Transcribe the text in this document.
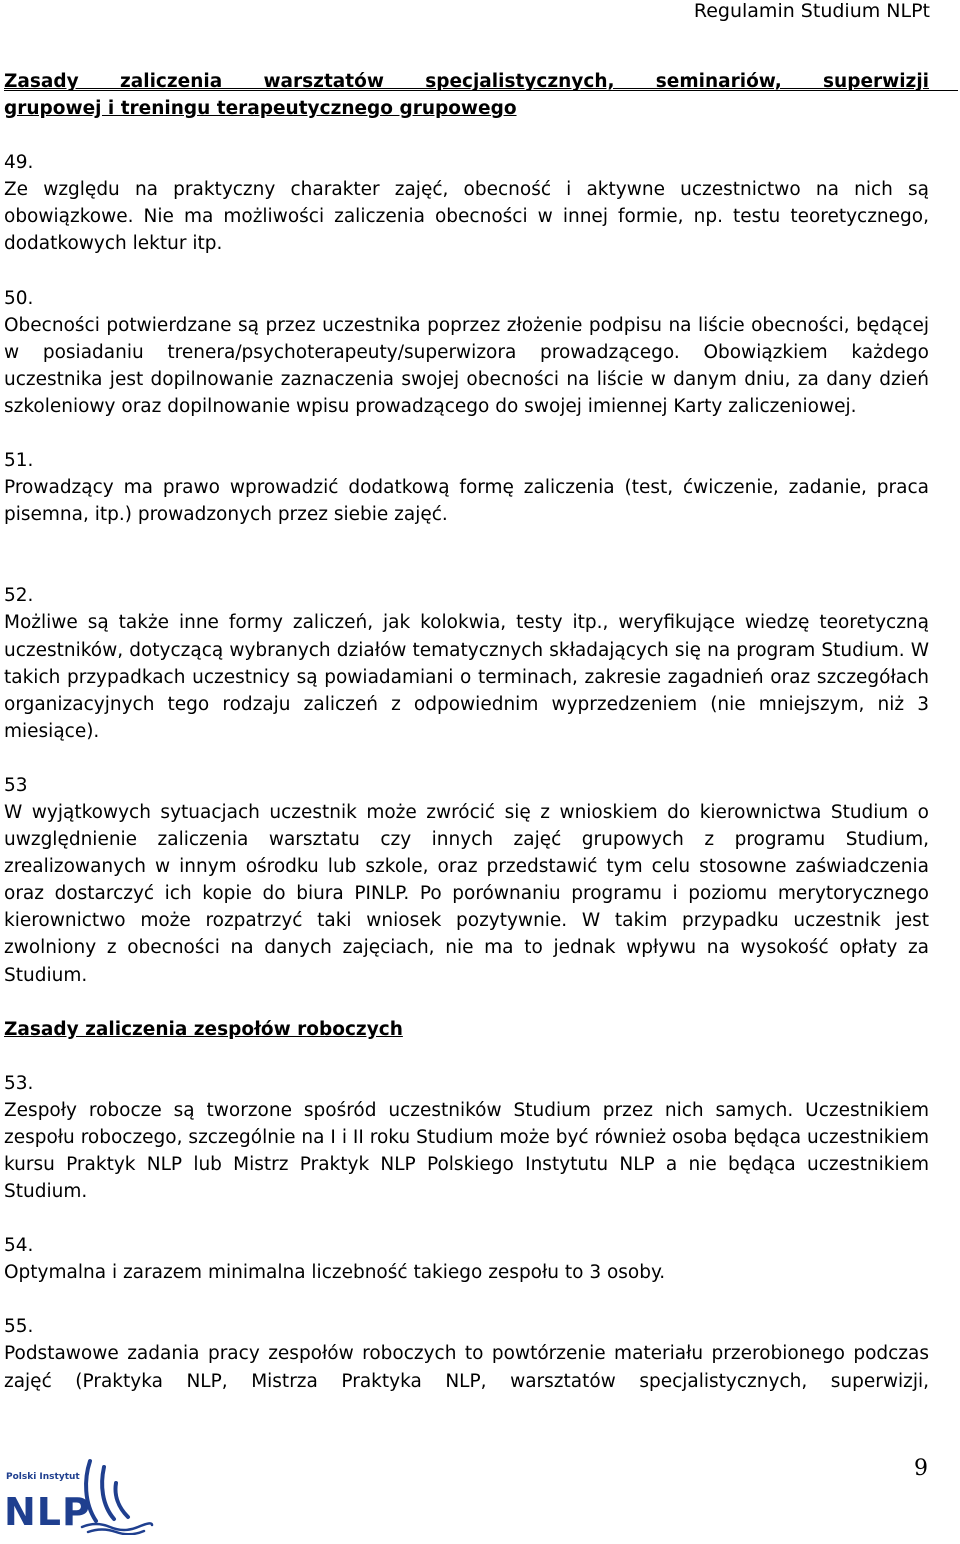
Regulamin Studium NLPt
Zasady zaliczenia warsztatów specjalistycznych, seminariów, superwizji
grupowej i treningu terapeutycznego grupowego
49.
Ze względu na praktyczny charakter zajęć, obecność i aktywne uczestnictwo na nich są obowiązkowe. Nie ma możliwości zaliczenia obecności w innej formie, np. testu teoretycznego, dodatkowych lektur itp.
50.
Obecności potwierdzane są przez uczestnika poprzez złożenie podpisu na liście obecności, będącej w posiadaniu trenera/psychoterapeuty/superwizora prowadzącego. Obowiązkiem każdego uczestnika jest dopilnowanie zaznaczenia swojej obecności na liście w danym dniu, za dany dzień szkoleniowy oraz dopilnowanie wpisu prowadzącego do swojej imiennej Karty zaliczeniowej.
51.
Prowadzący ma prawo wprowadzić dodatkową formę zaliczenia (test, ćwiczenie, zadanie, praca pisemna, itp.) prowadzonych przez siebie zajęć.
52.
Możliwe są także inne formy zaliczeń, jak kolokwia, testy itp., weryfikujące wiedzę teoretyczną uczestników, dotyczącą wybranych działów tematycznych składających się na program Studium. W takich przypadkach uczestnicy są powiadamiani o terminach, zakresie zagadnień oraz szczegółach organizacyjnych tego rodzaju zaliczeń z odpowiednim wyprzedzeniem (nie mniejszym, niż 3 miesiące).
53
W wyjątkowych sytuacjach uczestnik może zwrócić się z wnioskiem do kierownictwa Studium o uwzględnienie zaliczenia warsztatu czy innych zajęć grupowych z programu Studium, zrealizowanych w innym ośrodku lub szkole, oraz przedstawić tym celu stosowne zaświadczenia oraz dostarczyć ich kopie do biura PINLP. Po porównaniu programu i poziomu merytorycznego kierownictwo może rozpatrzyć taki wniosek pozytywnie. W takim przypadku uczestnik jest zwolniony z obecności na danych zajęciach, nie ma to jednak wpływu na wysokość opłaty za Studium.
Zasady zaliczenia zespołów roboczych
53.
Zespoły robocze są tworzone spośród uczestników Studium przez nich samych. Uczestnikiem zespołu roboczego, szczególnie na I i II roku Studium może być również osoba będąca uczestnikiem kursu Praktyk NLP lub Mistrz Praktyk NLP Polskiego Instytutu NLP a nie będąca uczestnikiem Studium.
54.
Optymalna i zarazem minimalna liczebność takiego zespołu to 3 osoby.
55.
Podstawowe zadania pracy zespołów roboczych to powtórzenie materiału przerobionego podczas zajęć (Praktyka NLP, Mistrza Praktyka NLP, warsztatów specjalistycznych, superwizji,
Polski Instytut
NLP
9
